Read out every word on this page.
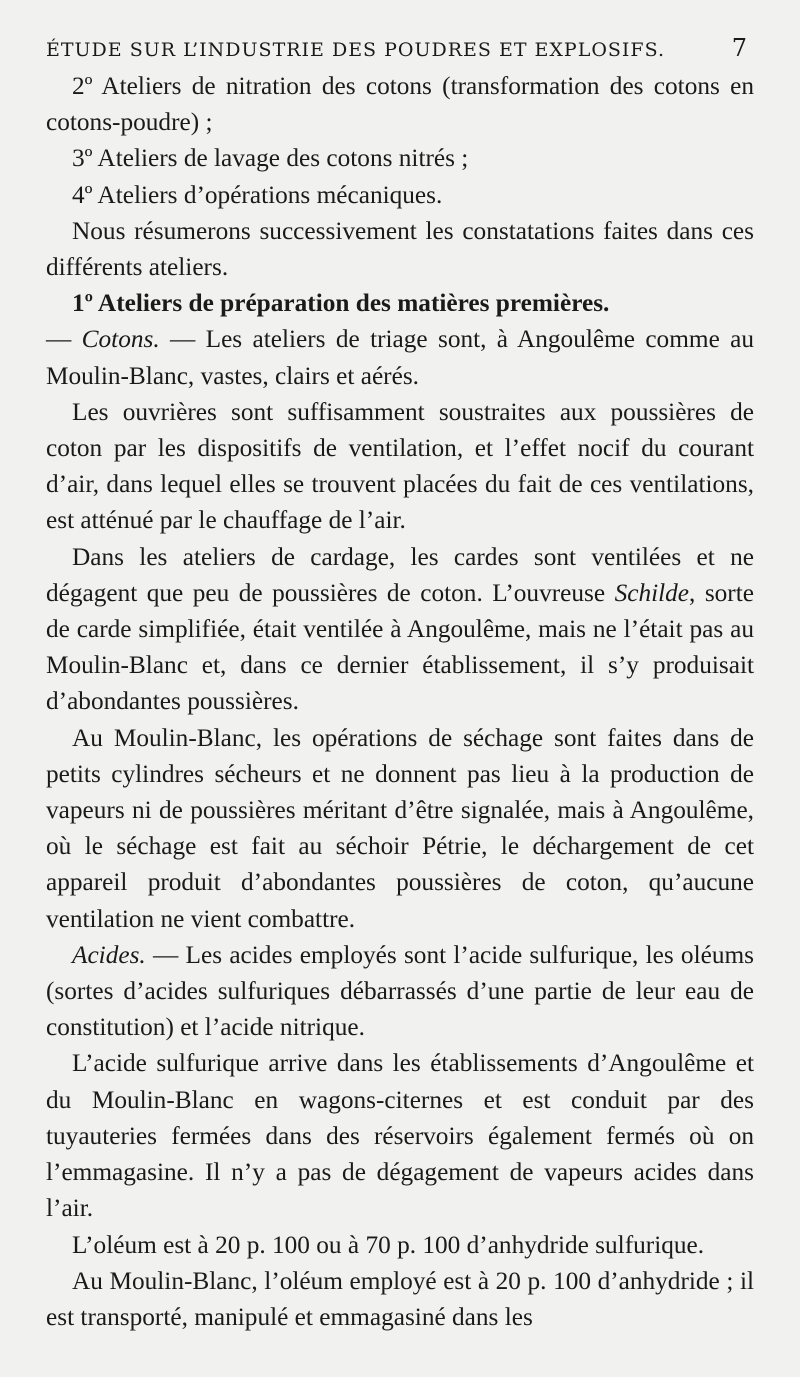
ÉTUDE SUR L’INDUSTRIE DES POUDRES ET EXPLOSIFS.	7

2º Ateliers de nitration des cotons (transformation des cotons en cotons-poudre) ;

3º Ateliers de lavage des cotons nitrés ;

4º Ateliers d’opérations mécaniques.

Nous résumerons successivement les constatations faites dans ces différents ateliers.

1º Ateliers de préparation des matières premières.
— Cotons. — Les ateliers de triage sont, à Angoulême comme au Moulin-Blanc, vastes, clairs et aérés.

Les ouvrières sont suffisamment soustraites aux poussières de coton par les dispositifs de ventilation, et l’effet nocif du courant d’air, dans lequel elles se trouvent placées du fait de ces ventilations, est atténué par le chauffage de l’air.

Dans les ateliers de cardage, les cardes sont ventilées et ne dégagent que peu de poussières de coton. L’ouvreuse Schilde, sorte de carde simplifiée, était ventilée à Angoulême, mais ne l’était pas au Moulin-Blanc et, dans ce dernier établissement, il s’y produisait d’abondantes poussières.

Au Moulin-Blanc, les opérations de séchage sont faites dans de petits cylindres sécheurs et ne donnent pas lieu à la production de vapeurs ni de poussières méritant d’être signalée, mais à Angoulême, où le séchage est fait au séchoir Pétrie, le déchargement de cet appareil produit d’abondantes poussières de coton, qu’aucune ventilation ne vient combattre.

Acides. — Les acides employés sont l’acide sulfurique, les oléums (sortes d’acides sulfuriques débarrassés d’une partie de leur eau de constitution) et l’acide nitrique.

L’acide sulfurique arrive dans les établissements d’Angoulême et du Moulin-Blanc en wagons-citernes et est conduit par des tuyauteries fermées dans des réservoirs également fermés où on l’emmagasine. Il n’y a pas de dégagement de vapeurs acides dans l’air.

L’oléum est à 20 p. 100 ou à 70 p. 100 d’anhydride sulfurique.

Au Moulin-Blanc, l’oléum employé est à 20 p. 100 d’anhydride ; il est transporté, manipulé et emmagasiné dans les
